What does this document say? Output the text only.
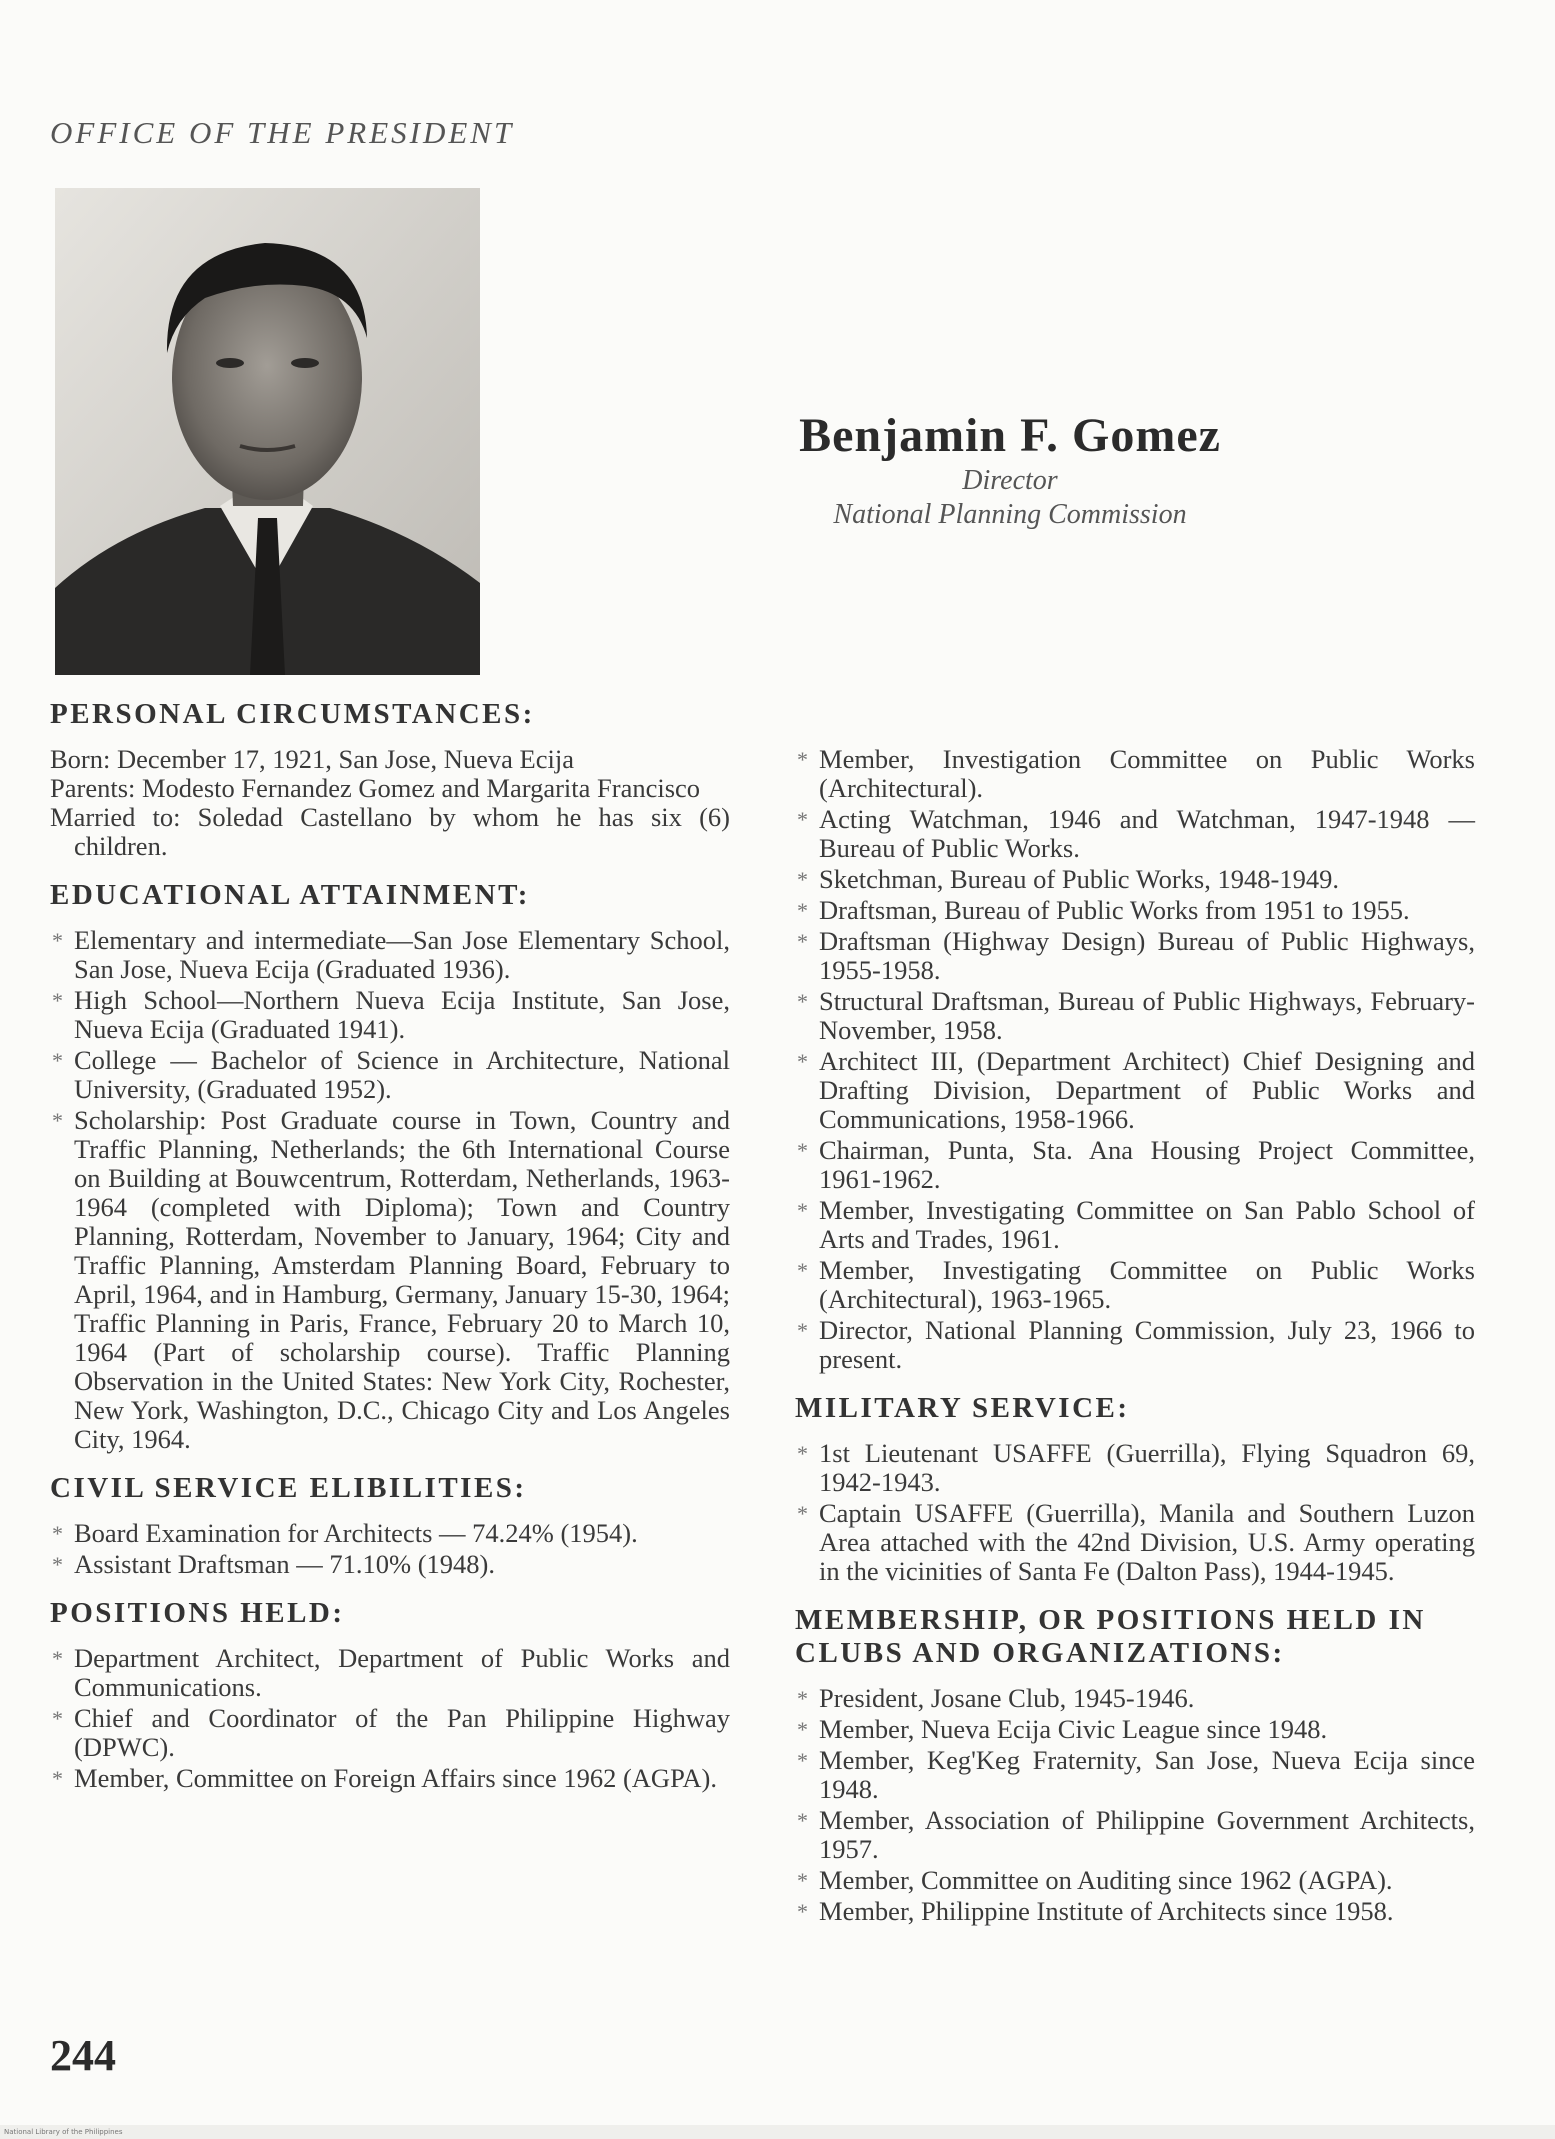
OFFICE OF THE PRESIDENT
Benjamin F. Gomez
Director
National Planning Commission
PERSONAL CIRCUMSTANCES:

Born: December 17, 1921, San Jose, Nueva Ecija

Parents: Modesto Fernandez Gomez and Margarita Francisco

Married to: Soledad Castellano by whom he has six (6) children.

EDUCATIONAL ATTAINMENT:
* Elementary and intermediate—San Jose Elementary School, San Jose, Nueva Ecija (Graduated 1936).
* High School—Northern Nueva Ecija Institute, San Jose, Nueva Ecija (Graduated 1941).
* College — Bachelor of Science in Architecture, National University, (Graduated 1952).
* Scholarship: Post Graduate course in Town, Country and Traffic Planning, Netherlands; the 6th International Course on Building at Bouwcentrum, Rotterdam, Netherlands, 1963-1964 (completed with Diploma); Town and Country Planning, Rotterdam, November to January, 1964; City and Traffic Planning, Amsterdam Planning Board, February to April, 1964, and in Hamburg, Germany, January 15-30, 1964; Traffic Planning in Paris, France, February 20 to March 10, 1964 (Part of scholarship course). Traffic Planning Observation in the United States: New York City, Rochester, New York, Washington, D.C., Chicago City and Los Angeles City, 1964.
CIVIL SERVICE ELIBILITIES:
* Board Examination for Architects — 74.24% (1954).
* Assistant Draftsman — 71.10% (1948).
POSITIONS HELD:
* Department Architect, Department of Public Works and Communications.
* Chief and Coordinator of the Pan Philippine Highway (DPWC).
* Member, Committee on Foreign Affairs since 1962 (AGPA).
* Member, Investigation Committee on Public Works (Architectural).
* Acting Watchman, 1946 and Watchman, 1947-1948 — Bureau of Public Works.
* Sketchman, Bureau of Public Works, 1948-1949.
* Draftsman, Bureau of Public Works from 1951 to 1955.
* Draftsman (Highway Design) Bureau of Public Highways, 1955-1958.
* Structural Draftsman, Bureau of Public Highways, February-November, 1958.
* Architect III, (Department Architect) Chief Designing and Drafting Division, Department of Public Works and Communications, 1958-1966.
* Chairman, Punta, Sta. Ana Housing Project Committee, 1961-1962.
* Member, Investigating Committee on San Pablo School of Arts and Trades, 1961.
* Member, Investigating Committee on Public Works (Architectural), 1963-1965.
* Director, National Planning Commission, July 23, 1966 to present.
MILITARY SERVICE:
* 1st Lieutenant USAFFE (Guerrilla), Flying Squadron 69, 1942-1943.
* Captain USAFFE (Guerrilla), Manila and Southern Luzon Area attached with the 42nd Division, U.S. Army operating in the vicinities of Santa Fe (Dalton Pass), 1944-1945.
MEMBERSHIP, OR POSITIONS HELD IN CLUBS AND ORGANIZATIONS:
* President, Josane Club, 1945-1946.
* Member, Nueva Ecija Civic League since 1948.
* Member, Keg'Keg Fraternity, San Jose, Nueva Ecija since 1948.
* Member, Association of Philippine Government Architects, 1957.
* Member, Committee on Auditing since 1962 (AGPA).
* Member, Philippine Institute of Architects since 1958.
244
National Library of the Philippines
